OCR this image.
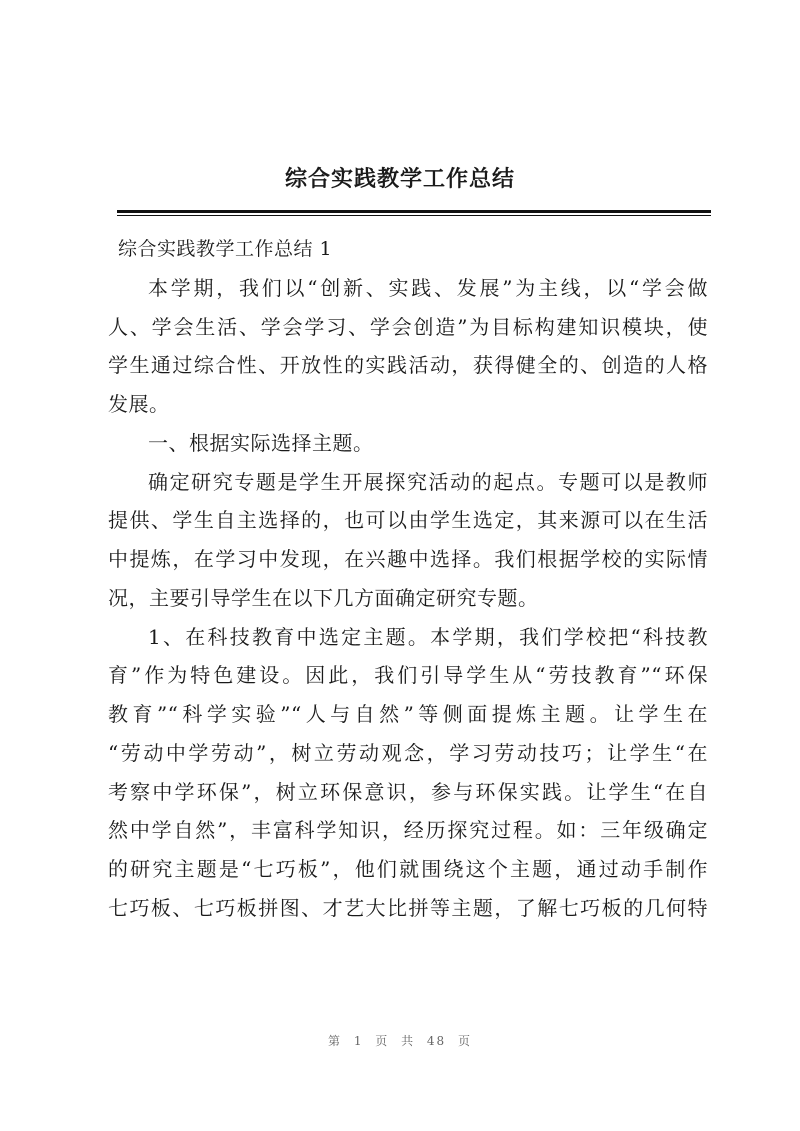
综合实践教学工作总结
综合实践教学工作总结 1
本学期，我们以“创新、实践、发展”为主线，以“学会做
人、学会生活、学会学习、学会创造”为目标构建知识模块，使
学生通过综合性、开放性的实践活动，获得健全的、创造的人格
发展。
一、根据实际选择主题。
确定研究专题是学生开展探究活动的起点。专题可以是教师
提供、学生自主选择的，也可以由学生选定，其来源可以在生活
中提炼，在学习中发现，在兴趣中选择。我们根据学校的实际情
况，主要引导学生在以下几方面确定研究专题。
1、在科技教育中选定主题。本学期，我们学校把“科技教
育”作为特色建设。因此，我们引导学生从“劳技教育”“环保
教育”“科学实验”“人与自然”等侧面提炼主题。让学生在
“劳动中学劳动”，树立劳动观念，学习劳动技巧；让学生“在
考察中学环保”，树立环保意识，参与环保实践。让学生“在自
然中学自然”，丰富科学知识，经历探究过程。如：三年级确定
的研究主题是“七巧板”，他们就围绕这个主题，通过动手制作
七巧板、七巧板拼图、才艺大比拼等主题，了解七巧板的几何特
第 1 页 共 48 页
